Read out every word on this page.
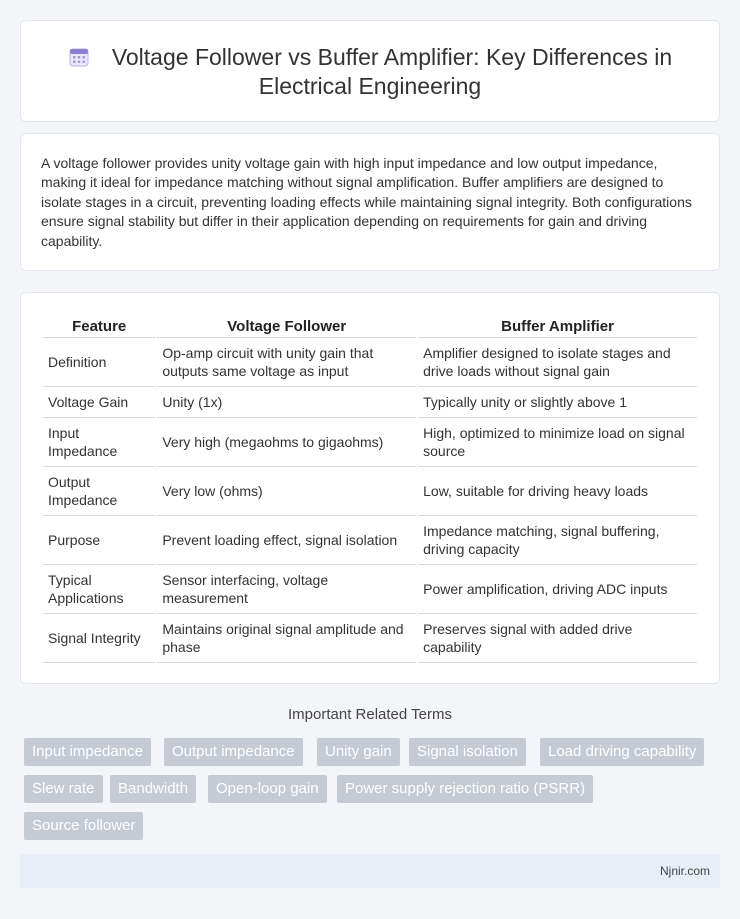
Voltage Follower vs Buffer Amplifier: Key Differences in Electrical Engineering

A voltage follower provides unity voltage gain with high input impedance and low output impedance, making it ideal for impedance matching without signal amplification. Buffer amplifiers are designed to isolate stages in a circuit, preventing loading effects while maintaining signal integrity. Both configurations ensure signal stability but differ in their application depending on requirements for gain and driving capability.

Feature	Voltage Follower	Buffer Amplifier
Definition	Op-amp circuit with unity gain that outputs same voltage as input	Amplifier designed to isolate stages and drive loads without signal gain
Voltage Gain	Unity (1x)	Typically unity or slightly above 1
Input Impedance	Very high (megaohms to gigaohms)	High, optimized to minimize load on signal source
Output Impedance	Very low (ohms)	Low, suitable for driving heavy loads
Purpose	Prevent loading effect, signal isolation	Impedance matching, signal buffering, driving capacity
Typical Applications	Sensor interfacing, voltage measurement	Power amplification, driving ADC inputs
Signal Integrity	Maintains original signal amplitude and phase	Preserves signal with added drive capability
Important Related Terms
Input impedance	Output impedance	Unity gain	Signal isolation	Load driving capability
Slew rate	Bandwidth	Open-loop gain	Power supply rejection ratio (PSRR)
Source follower
Njnir.com
